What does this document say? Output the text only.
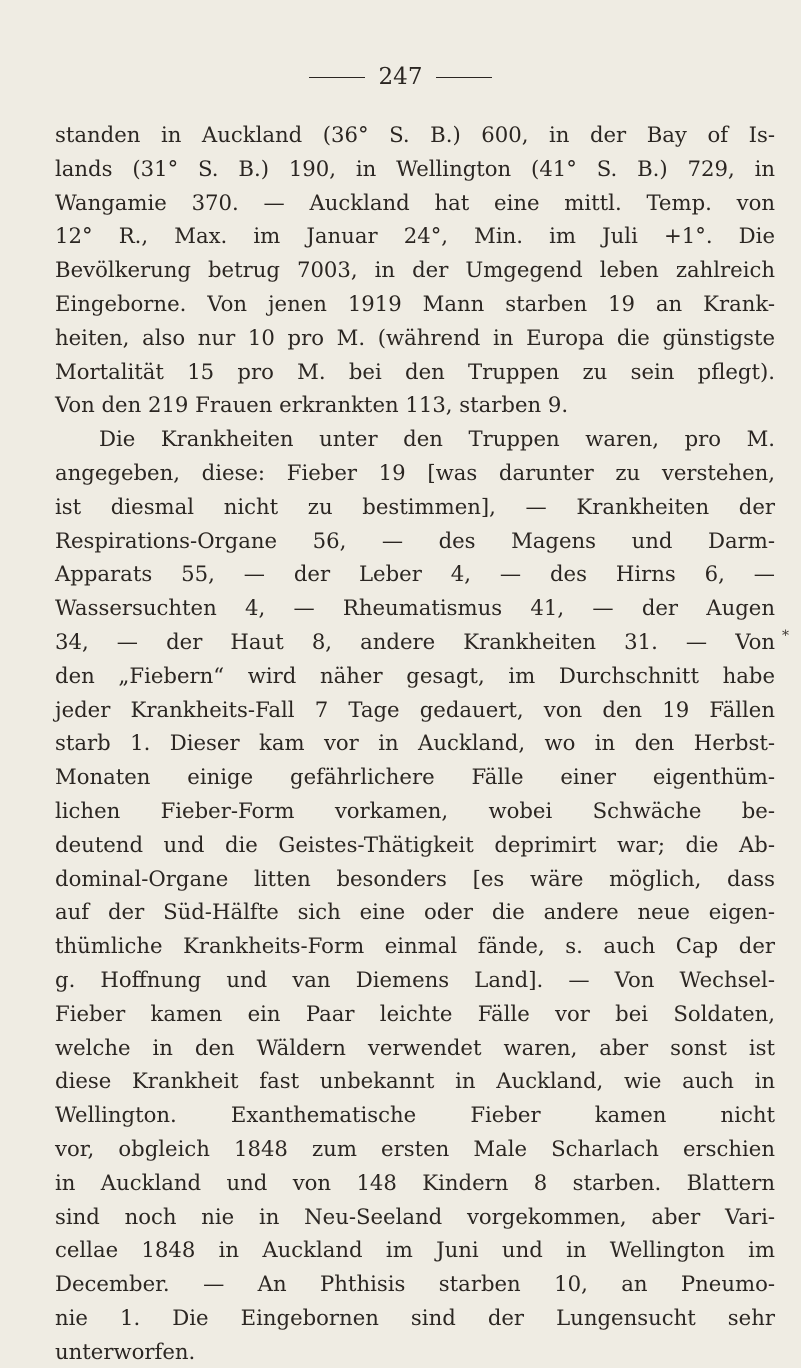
247
standen in Auckland (36° S. B.) 600, in der Bay of Is-
lands (31° S. B.) 190, in Wellington (41° S. B.) 729, in
Wangamie 370. — Auckland hat eine mittl. Temp. von
12° R., Max. im Januar 24°, Min. im Juli +1°. Die
Bevölkerung betrug 7003, in der Umgegend leben zahlreich
Eingeborne. Von jenen 1919 Mann starben 19 an Krank-
heiten, also nur 10 pro M. (während in Europa die günstigste
Mortalität 15 pro M. bei den Truppen zu sein pflegt).
Von den 219 Frauen erkrankten 113, starben 9.
Die Krankheiten unter den Truppen waren, pro M.
angegeben, diese: Fieber 19 [was darunter zu verstehen,
ist diesmal nicht zu bestimmen], — Krankheiten der
Respirations-Organe 56, — des Magens und Darm-
Apparats 55, — der Leber 4, — des Hirns 6, —
Wassersuchten 4, — Rheumatismus 41, — der Augen
34, — der Haut 8, andere Krankheiten 31. — Von
den „Fiebern“ wird näher gesagt, im Durchschnitt habe
jeder Krankheits-Fall 7 Tage gedauert, von den 19 Fällen
starb 1. Dieser kam vor in Auckland, wo in den Herbst-
Monaten einige gefährlichere Fälle einer eigenthüm-
lichen Fieber-Form vorkamen, wobei Schwäche be-
deutend und die Geistes-Thätigkeit deprimirt war; die Ab-
dominal-Organe litten besonders [es wäre möglich, dass
auf der Süd-Hälfte sich eine oder die andere neue eigen-
thümliche Krankheits-Form einmal fände, s. auch Cap der
g. Hoffnung und van Diemens Land]. — Von Wechsel-
Fieber kamen ein Paar leichte Fälle vor bei Soldaten,
welche in den Wäldern verwendet waren, aber sonst ist
diese Krankheit fast unbekannt in Auckland, wie auch in
Wellington. Exanthematische Fieber kamen nicht
vor, obgleich 1848 zum ersten Male Scharlach erschien
in Auckland und von 148 Kindern 8 starben. Blattern
sind noch nie in Neu-Seeland vorgekommen, aber Vari-
cellae 1848 in Auckland im Juni und in Wellington im
December. — An Phthisis starben 10, an Pneumo-
nie 1. Die Eingebornen sind der Lungensucht sehr
unterworfen.
*
